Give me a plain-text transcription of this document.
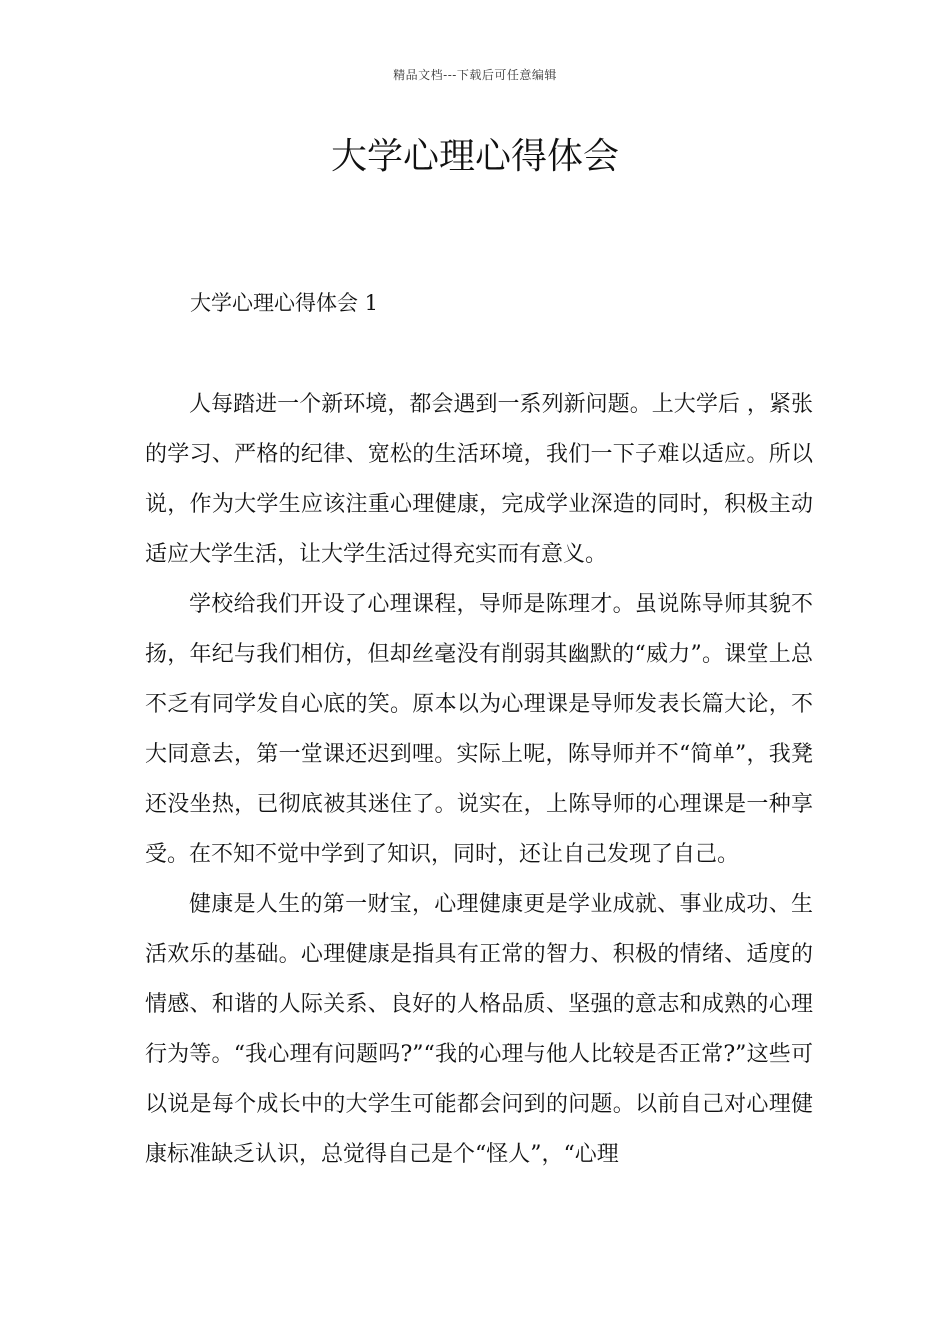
精品文档---下载后可任意编辑
大学心理心得体会
大学心理心得体会 1

人每踏进一个新环境，都会遇到一系列新问题。上大学后 ，紧张的学习、严格的纪律、宽松的生活环境，我们一下子难以适应。所以说，作为大学生应该注重心理健康，完成学业深造的同时，积极主动适应大学生活，让大学生活过得充实而有意义。

学校给我们开设了心理课程，导师是陈理才。虽说陈导师其貌不扬，年纪与我们相仿，但却丝毫没有削弱其幽默的“威力”。课堂上总不乏有同学发自心底的笑。原本以为心理课是导师发表长篇大论，不大同意去，第一堂课还迟到哩。实际上呢，陈导师并不“简单”，我凳还没坐热，已彻底被其迷住了。说实在，上陈导师的心理课是一种享受。在不知不觉中学到了知识，同时，还让自己发现了自己。

健康是人生的第一财宝，心理健康更是学业成就、事业成功、生活欢乐的基础。心理健康是指具有正常的智力、积极的情绪、适度的情感、和谐的人际关系、良好的人格品质、坚强的意志和成熟的心理行为等。“我心理有问题吗?”“我的心理与他人比较是否正常?”这些可以说是每个成长中的大学生可能都会问到的问题。以前自己对心理健康标准缺乏认识，总觉得自己是个“怪人”，“心理
